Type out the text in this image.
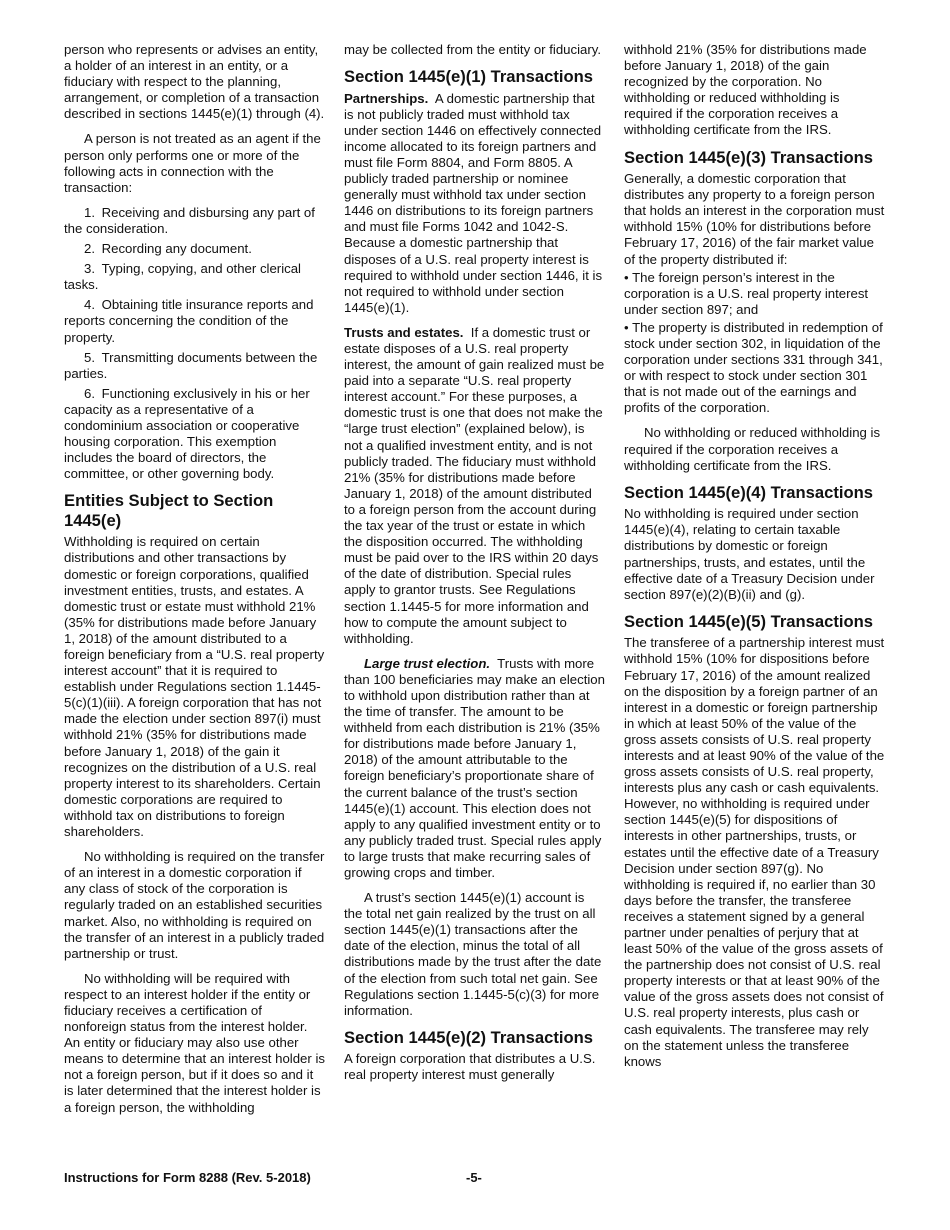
person who represents or advises an entity, a holder of an interest in an entity, or a fiduciary with respect to the planning, arrangement, or completion of a transaction described in sections 1445(e)(1) through (4).

A person is not treated as an agent if the person only performs one or more of the following acts in connection with the transaction:

1. Receiving and disbursing any part of the consideration.

2. Recording any document.

3. Typing, copying, and other clerical tasks.

4. Obtaining title insurance reports and reports concerning the condition of the property.

5. Transmitting documents between the parties.

6. Functioning exclusively in his or her capacity as a representative of a condominium association or cooperative housing corporation. This exemption includes the board of directors, the committee, or other governing body.

Entities Subject to Section 1445(e)

Withholding is required on certain distributions and other transactions by domestic or foreign corporations, qualified investment entities, trusts, and estates. A domestic trust or estate must withhold 21% (35% for distributions made before January 1, 2018) of the amount distributed to a foreign beneficiary from a “U.S. real property interest account” that it is required to establish under Regulations section 1.1445-5(c)(1)(iii). A foreign corporation that has not made the election under section 897(i) must withhold 21% (35% for distributions made before January 1, 2018) of the gain it recognizes on the distribution of a U.S. real property interest to its shareholders. Certain domestic corporations are required to withhold tax on distributions to foreign shareholders.

No withholding is required on the transfer of an interest in a domestic corporation if any class of stock of the corporation is regularly traded on an established securities market. Also, no withholding is required on the transfer of an interest in a publicly traded partnership or trust.

No withholding will be required with respect to an interest holder if the entity or fiduciary receives a certification of nonforeign status from the interest holder. An entity or fiduciary may also use other means to determine that an interest holder is not a foreign person, but if it does so and it is later determined that the interest holder is a foreign person, the withholding

may be collected from the entity or fiduciary.

Section 1445(e)(1) Transactions

Partnerships. A domestic partnership that is not publicly traded must withhold tax under section 1446 on effectively connected income allocated to its foreign partners and must file Form 8804, and Form 8805. A publicly traded partnership or nominee generally must withhold tax under section 1446 on distributions to its foreign partners and must file Forms 1042 and 1042-S. Because a domestic partnership that disposes of a U.S. real property interest is required to withhold under section 1446, it is not required to withhold under section 1445(e)(1).

Trusts and estates. If a domestic trust or estate disposes of a U.S. real property interest, the amount of gain realized must be paid into a separate “U.S. real property interest account.” For these purposes, a domestic trust is one that does not make the “large trust election” (explained below), is not a qualified investment entity, and is not publicly traded. The fiduciary must withhold 21% (35% for distributions made before January 1, 2018) of the amount distributed to a foreign person from the account during the tax year of the trust or estate in which the disposition occurred. The withholding must be paid over to the IRS within 20 days of the date of distribution. Special rules apply to grantor trusts. See Regulations section 1.1445-5 for more information and how to compute the amount subject to withholding.

Large trust election. Trusts with more than 100 beneficiaries may make an election to withhold upon distribution rather than at the time of transfer. The amount to be withheld from each distribution is 21% (35% for distributions made before January 1, 2018) of the amount attributable to the foreign beneficiary’s proportionate share of the current balance of the trust’s section 1445(e)(1) account. This election does not apply to any qualified investment entity or to any publicly traded trust. Special rules apply to large trusts that make recurring sales of growing crops and timber.

A trust’s section 1445(e)(1) account is the total net gain realized by the trust on all section 1445(e)(1) transactions after the date of the election, minus the total of all distributions made by the trust after the date of the election from such total net gain. See Regulations section 1.1445-5(c)(3) for more information.

Section 1445(e)(2) Transactions

A foreign corporation that distributes a U.S. real property interest must generally

withhold 21% (35% for distributions made before January 1, 2018) of the gain recognized by the corporation. No withholding or reduced withholding is required if the corporation receives a withholding certificate from the IRS.

Section 1445(e)(3) Transactions

Generally, a domestic corporation that distributes any property to a foreign person that holds an interest in the corporation must withhold 15% (10% for distributions before February 17, 2016) of the fair market value of the property distributed if:

• The foreign person’s interest in the corporation is a U.S. real property interest under section 897; and

• The property is distributed in redemption of stock under section 302, in liquidation of the corporation under sections 331 through 341, or with respect to stock under section 301 that is not made out of the earnings and profits of the corporation.

No withholding or reduced withholding is required if the corporation receives a withholding certificate from the IRS.

Section 1445(e)(4) Transactions

No withholding is required under section 1445(e)(4), relating to certain taxable distributions by domestic or foreign partnerships, trusts, and estates, until the effective date of a Treasury Decision under section 897(e)(2)(B)(ii) and (g).

Section 1445(e)(5) Transactions

The transferee of a partnership interest must withhold 15% (10% for dispositions before February 17, 2016) of the amount realized on the disposition by a foreign partner of an interest in a domestic or foreign partnership in which at least 50% of the value of the gross assets consists of U.S. real property interests and at least 90% of the value of the gross assets consists of U.S. real property, interests plus any cash or cash equivalents. However, no withholding is required under section 1445(e)(5) for dispositions of interests in other partnerships, trusts, or estates until the effective date of a Treasury Decision under section 897(g). No withholding is required if, no earlier than 30 days before the transfer, the transferee receives a statement signed by a general partner under penalties of perjury that at least 50% of the value of the gross assets of the partnership does not consist of U.S. real property interests or that at least 90% of the value of the gross assets does not consist of U.S. real property interests, plus cash or cash equivalents. The transferee may rely on the statement unless the transferee knows

Instructions for Form 8288 (Rev. 5-2018)	-5-
